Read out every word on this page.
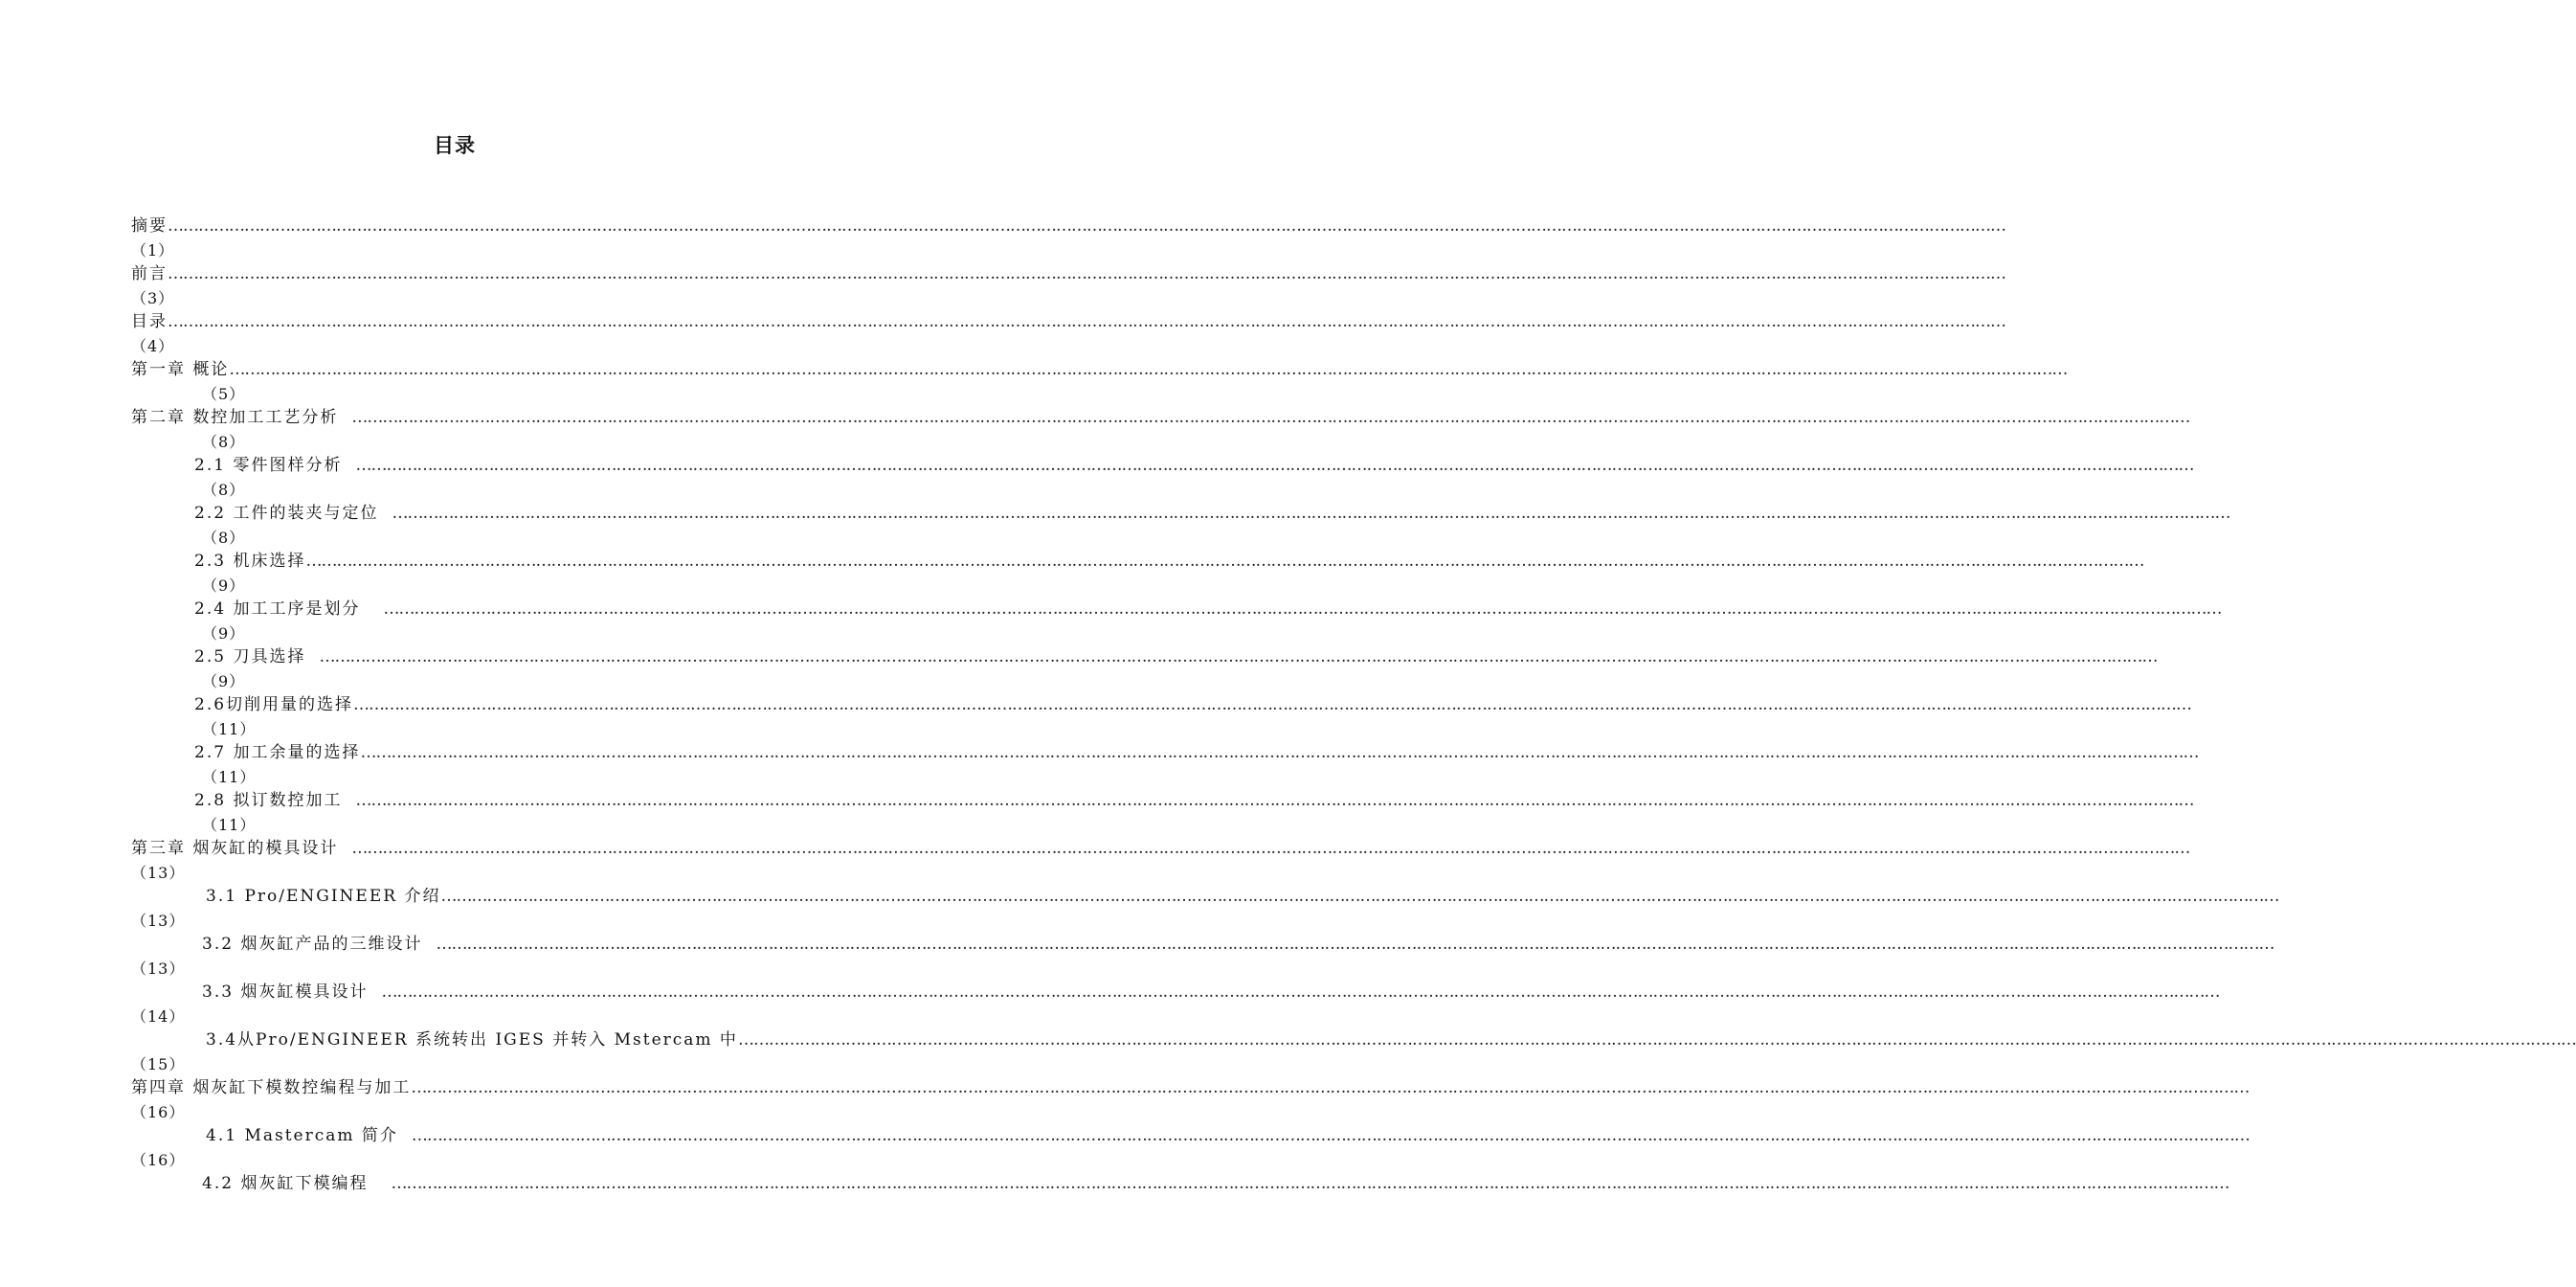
目录
摘要 ………………………………………………………………………………………………………………………………………………………………………………………………………………………………………………………………………………………………………………………………
（1）
前言 ………………………………………………………………………………………………………………………………………………………………………………………………………………………………………………………………………………………………………………………………
（3）
目录 ………………………………………………………………………………………………………………………………………………………………………………………………………………………………………………………………………………………………………………………………
（4）
第一章 概论 ………………………………………………………………………………………………………………………………………………………………………………………………………………………………………………………………………………………………………………………………
（5）
第二章 数控加工工艺分析 ………………………………………………………………………………………………………………………………………………………………………………………………………………………………………………………………………………………………………………………………
（8）
2.1 零件图样分析 ………………………………………………………………………………………………………………………………………………………………………………………………………………………………………………………………………………………………………………………………
（8）
2.2 工件的装夹与定位 ………………………………………………………………………………………………………………………………………………………………………………………………………………………………………………………………………………………………………………………………
（8）
2.3 机床选择 ………………………………………………………………………………………………………………………………………………………………………………………………………………………………………………………………………………………………………………………………
（9）
2.4 加工工序是划分 ………………………………………………………………………………………………………………………………………………………………………………………………………………………………………………………………………………………………………………………………
（9）
2.5 刀具选择 ………………………………………………………………………………………………………………………………………………………………………………………………………………………………………………………………………………………………………………………………
（9）
2.6切削用量的选择 ………………………………………………………………………………………………………………………………………………………………………………………………………………………………………………………………………………………………………………………………
（11）
2.7 加工余量的选择 ………………………………………………………………………………………………………………………………………………………………………………………………………………………………………………………………………………………………………………………………
（11）
2.8 拟订数控加工 ………………………………………………………………………………………………………………………………………………………………………………………………………………………………………………………………………………………………………………………………
（11）
第三章 烟灰缸的模具设计 ………………………………………………………………………………………………………………………………………………………………………………………………………………………………………………………………………………………………………………………………
（13）
3.1 Pro/ENGINEER 介绍 ………………………………………………………………………………………………………………………………………………………………………………………………………………………………………………………………………………………………………………………………
（13）
3.2 烟灰缸产品的三维设计 ………………………………………………………………………………………………………………………………………………………………………………………………………………………………………………………………………………………………………………………………
（13）
3.3 烟灰缸模具设计 ………………………………………………………………………………………………………………………………………………………………………………………………………………………………………………………………………………………………………………………………
（14）
3.4从Pro/ENGINEER 系统转出 IGES 并转入 Mstercam 中 ………………………………………………………………………………………………………………………………………………………………………………………………………………………………………………………………………………………………………………………………
（15）
第四章 烟灰缸下模数控编程与加工 ………………………………………………………………………………………………………………………………………………………………………………………………………………………………………………………………………………………………………………………………
（16）
4.1 Mastercam 简介 ………………………………………………………………………………………………………………………………………………………………………………………………………………………………………………………………………………………………………………………………
（16）
4.2 烟灰缸下模编程 ………………………………………………………………………………………………………………………………………………………………………………………………………………………………………………………………………………………………………………………………
